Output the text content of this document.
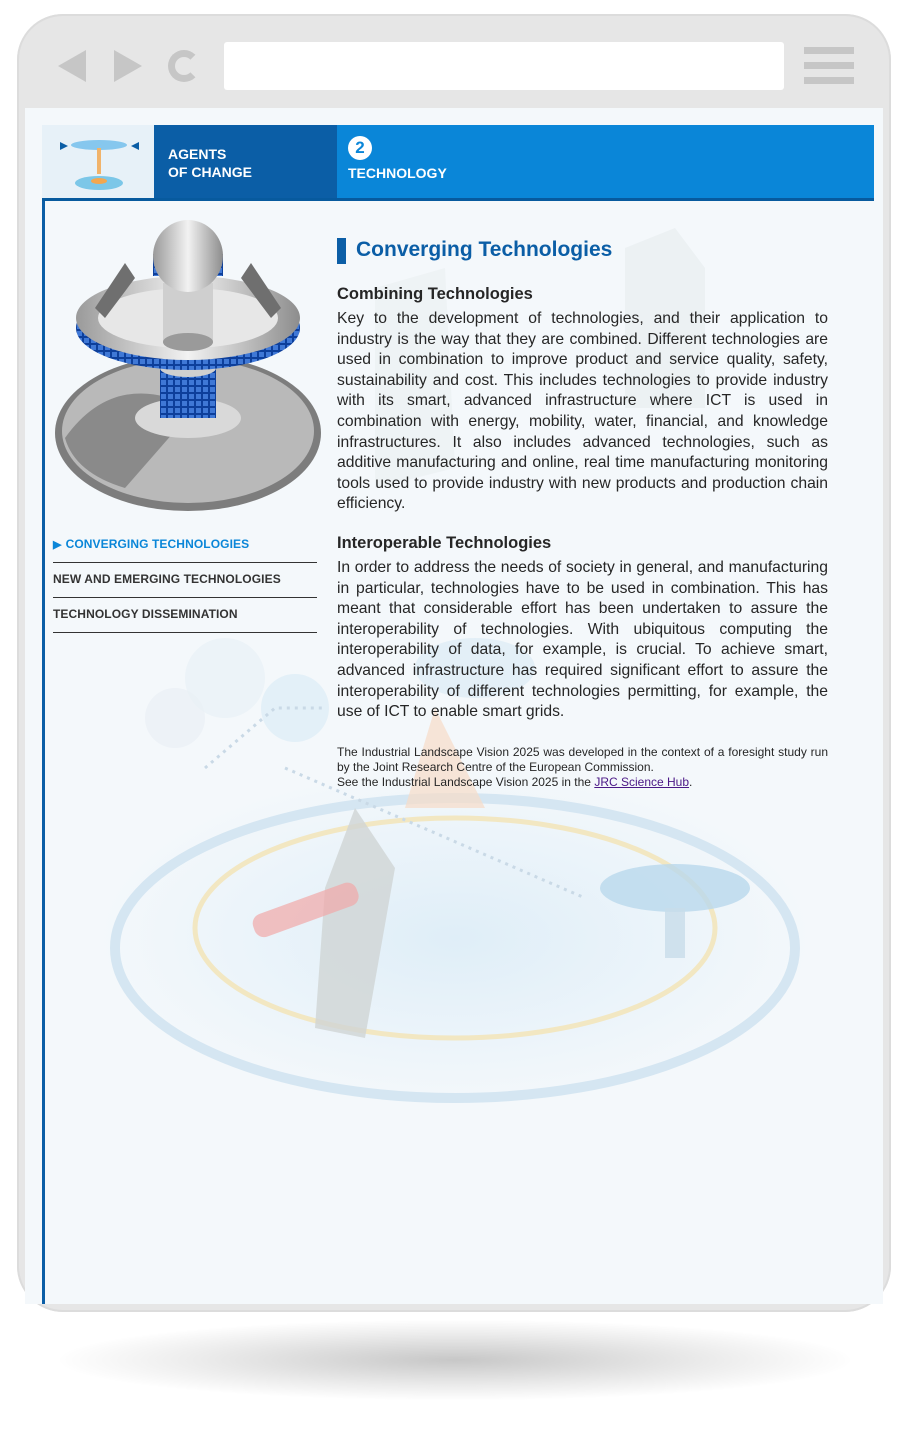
AGENTS
OF CHANGE
2
TECHNOLOGY
▶ CONVERGING TECHNOLOGIES
NEW AND EMERGING TECHNOLOGIES
TECHNOLOGY DISSEMINATION
Converging Technologies
Combining Technologies

Key to the development of technologies, and their application to industry is the way that they are combined. Different technologies are used in combination to improve product and service quality, safety, sustainability and cost. This includes technologies to provide industry with its smart, advanced infrastructure where ICT is used in combination with energy, mobility, water, financial, and knowledge infrastructures. It also includes advanced technologies, such as additive manufacturing and online, real time manufacturing monitoring tools used to provide industry with new products and production chain efficiency.

Interoperable Technologies

In order to address the needs of society in general, and manufacturing in particular, technologies have to be used in combination. This has meant that considerable effort has been undertaken to assure the interoperability of technologies. With ubiquitous computing the interoperability of data, for example, is crucial. To achieve smart, advanced infrastructure has required significant effort to assure the interoperability of different technologies permitting, for example, the use of ICT to enable smart grids.

The Industrial Landscape Vision 2025 was developed in the context of a foresight study run by the Joint Research Centre of the European Commission.
See the Industrial Landscape Vision 2025 in the JRC Science Hub.
